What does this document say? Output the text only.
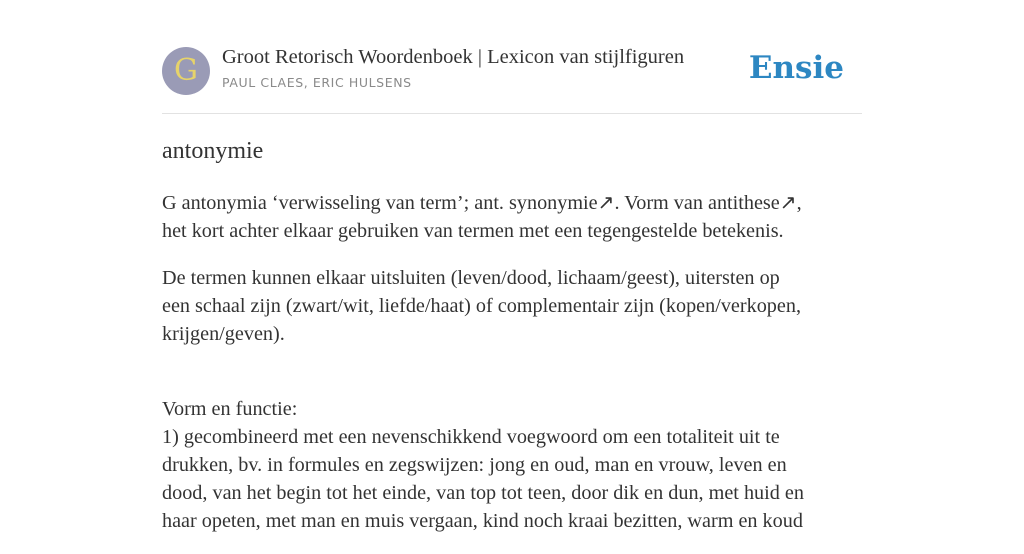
G	Groot Retorisch Woordenboek | Lexicon van stijlfiguren
PAUL CLAES, ERIC HULSENS	Ensie
antonymie

G antonymia ‘verwisseling van term’; ant. synonymie↗. Vorm van antithese↗,
het kort achter elkaar gebruiken van termen met een tegengestelde betekenis.

De termen kunnen elkaar uitsluiten (leven/dood, lichaam/geest), uitersten op
een schaal zijn (zwart/wit, liefde/haat) of complementair zijn (kopen/verkopen,
krijgen/geven).

Vorm en functie:
1) gecombineerd met een nevenschikkend voegwoord om een totaliteit uit te
drukken, bv. in formules en zegswijzen: jong en oud, man en vrouw, leven en
dood, van het begin tot het einde, van top tot teen, door dik en dun, met huid en
haar opeten, met man en muis vergaan, kind noch kraai bezitten, warm en koud
